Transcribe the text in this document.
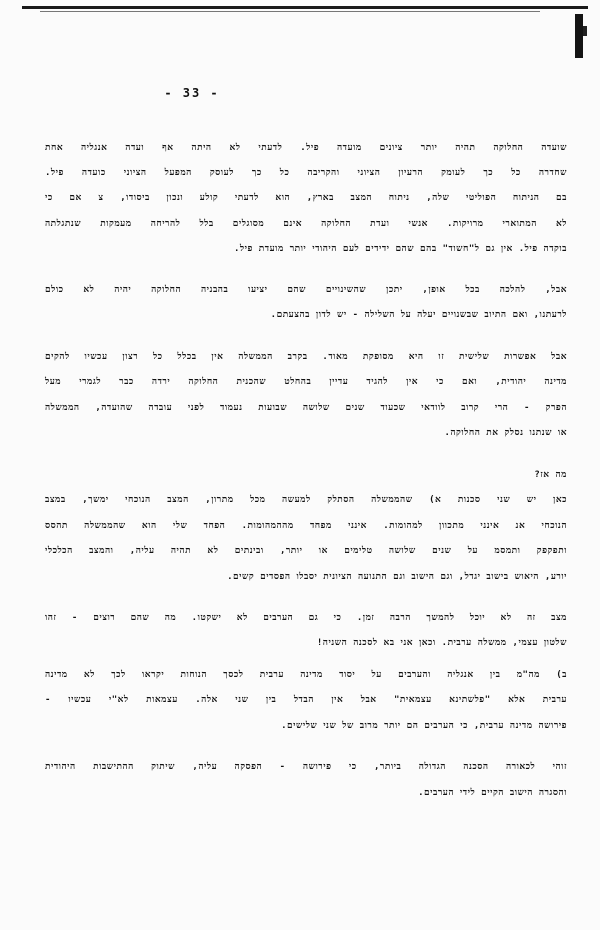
- 33 -
שועדה החלוקה תהיה יותר ציונים מועדה פיל. לדעתי לא היתה אף ועדה אנגליה אחת
שחדרה כל כך לעומק הרעיון הציוני והקריבה כל כך לעוסק המפעל הציוני כועדה פיל.
בם הניתוח הפוליטי שלה, ניתוח המצב בארץ, הוא לדעתי קולע ונכון ביסודו, צ אם כי
לא המתוארי מרויקות. אנשי ועדת החלוקה אינם מסוגלים בלל להריחה מעמקות שנתגלתה
בוקדה פיל. אין גם ל"חשוד" בהם שהם ידידים לעם היהודי יותר מועדת פיל.
אבל, להלכה בכל אופן, יתכן שהשינויים שהם יציעו בהבניה החלוקה יהיה לא כולם
לרעתנו, ואם התיוב שבשנויים יעלה על השלילה - יש לדון בהצעתם.
אבל אפשרות שלישית זו היא מסופקת מאוד. בקרב הממשלה אין בכלל כל רצון עכשיו להקים
מדינה יהודית, ואם כי אין להגיד עדיין בהחלט שהכנית החלוקה ירדה כבר לגמרי מעל
הפרק - הרי קרוב לוודאי שכעוד שנים שלושה שבועות נעמוד לפני עובדה שהועדה, הממשלה
או שנתנו נסלק את החלוקה.
מה אז?
כאן יש שני סכנות א) שהממשלה הסתלק למעשה מכל מתרון, המצב הנוכחי ימשך, במצב
הנוכחי אנ אינני מתכוון למהומות. אינני מפחד מההמהומות. הפחד שלי הוא שהממשלה תהסס
ותפקפק ותמסמ על שנים שלושה טלימים או יותר, ובינתים לא תהיה עליה, והמצב הכלכלי
יורע, היאוש בישוב יגדל, וגם הישוב וגם התנועה הציונית יסבלו הפסדים קשים.
מצב זה לא יוכל להמשך הרבה זמן. כי גם הערבים לא ישקטו. מה שהם רוצים - זהו
שלטון עצמי, ממשלה ערבית. וכאן אני בא לסכנה השניה!
ב) מה"מ בין אנגליה והערבים על יסוד מדינה ערבית לכסך הנוחות יקראו לכך לא מדינה
ערבית אלא "פלשתינא עצמאית" אבל אין הבדל בין שני אלה. עצמאות לא"י עכשיו -
פירושה מדינה ערבית, כי הערבים הם יותר מרוב של שני שלישים.
זוהי לכאורה הסכנה הגדולה ביותר, כי פירושה - הפסקה עליה, שיתוק ההתישבות היהודית
והסגרה הישוב הקיים לידי הערבים.
